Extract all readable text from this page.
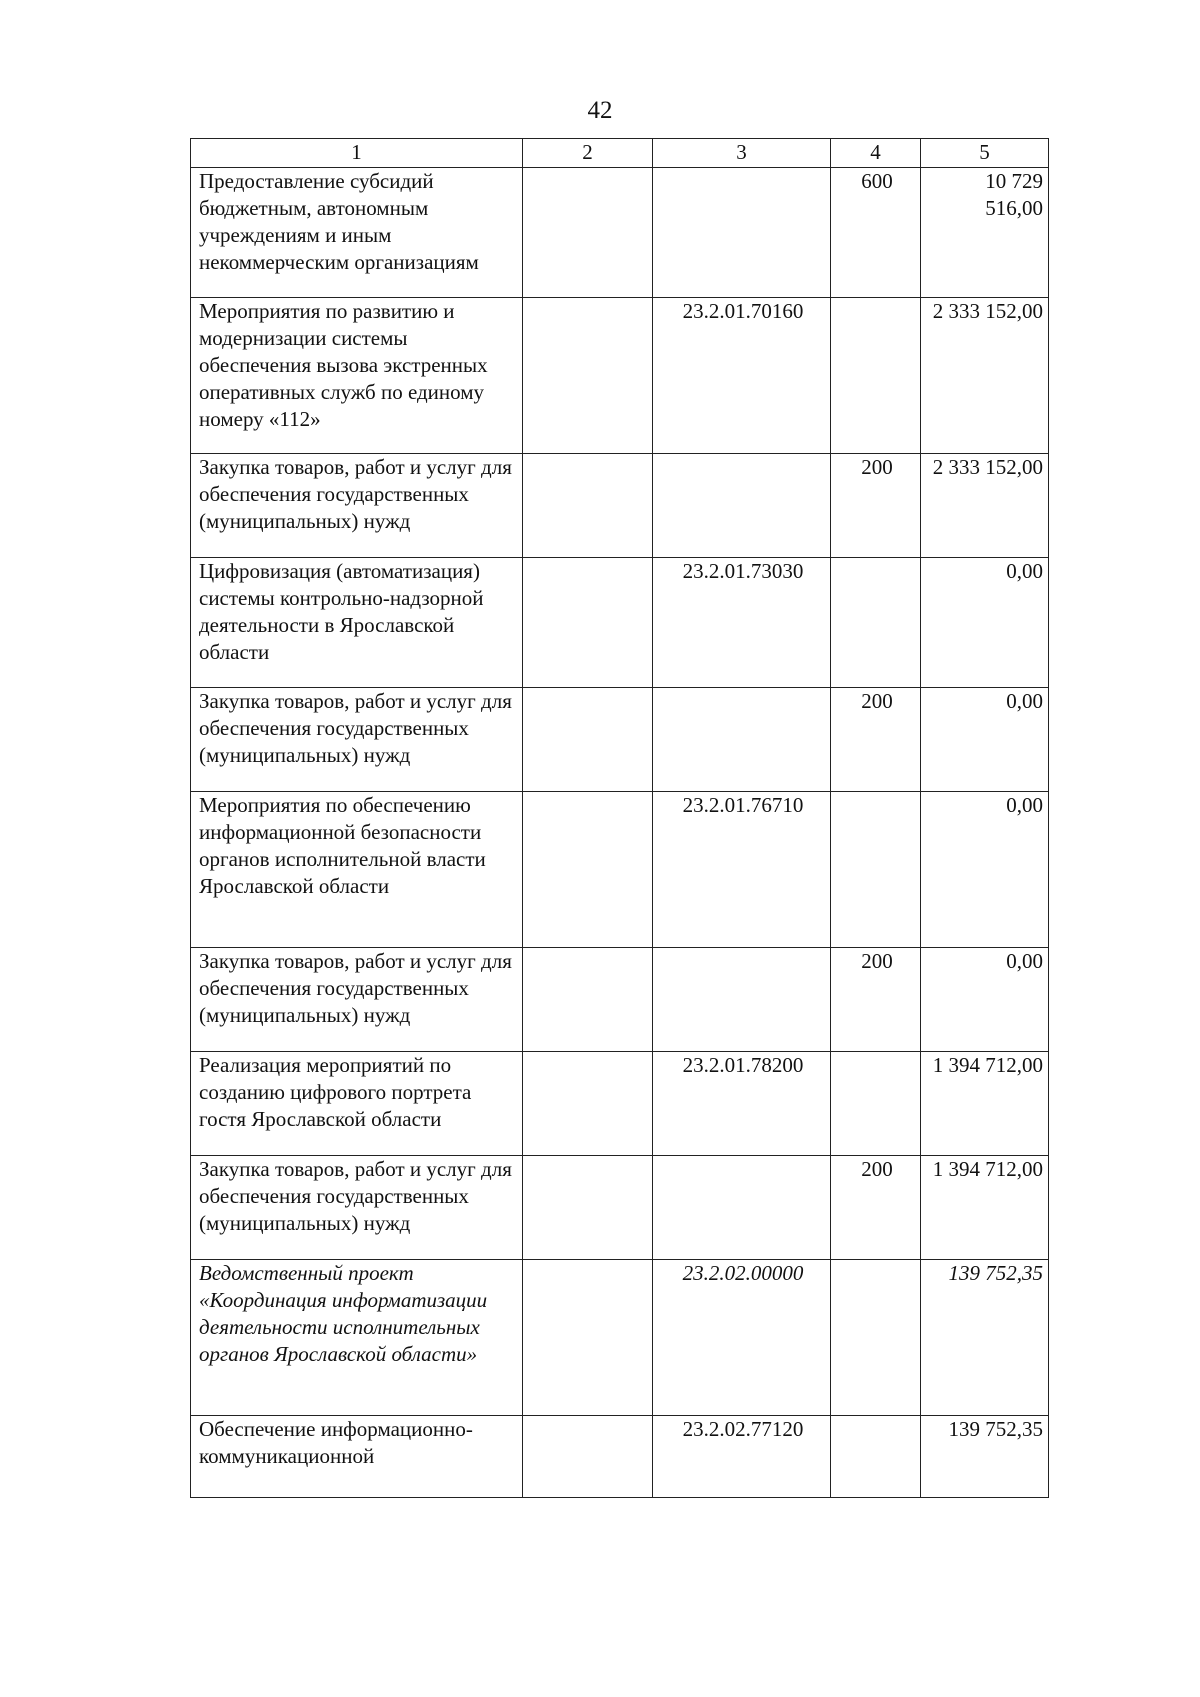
42
1	2	3	4	5
Предоставление субсидий бюджетным, автономным учреждениям и иным некоммерческим организациям			600	10 729 516,00
Мероприятия по развитию и модернизации системы обеспечения вызова экстренных оперативных служб по единому номеру «112»		23.2.01.70160		2 333 152,00
Закупка товаров, работ и услуг для обеспечения государственных (муниципальных) нужд			200	2 333 152,00
Цифровизация (автоматизация) системы контрольно-надзорной деятельности в Ярославской области		23.2.01.73030		0,00
Закупка товаров, работ и услуг для обеспечения государственных (муниципальных) нужд			200	0,00
Мероприятия по обеспечению информационной безопасности органов исполнительной власти Ярославской области		23.2.01.76710		0,00
Закупка товаров, работ и услуг для обеспечения государственных (муниципальных) нужд			200	0,00
Реализация мероприятий по созданию цифрового портрета гостя Ярославской области		23.2.01.78200		1 394 712,00
Закупка товаров, работ и услуг для обеспечения государственных (муниципальных) нужд			200	1 394 712,00
Ведомственный проект «Координация информатизации деятельности исполнительных органов Ярославской области»		23.2.02.00000		139 752,35
Обеспечение информационно-коммуникационной		23.2.02.77120		139 752,35
